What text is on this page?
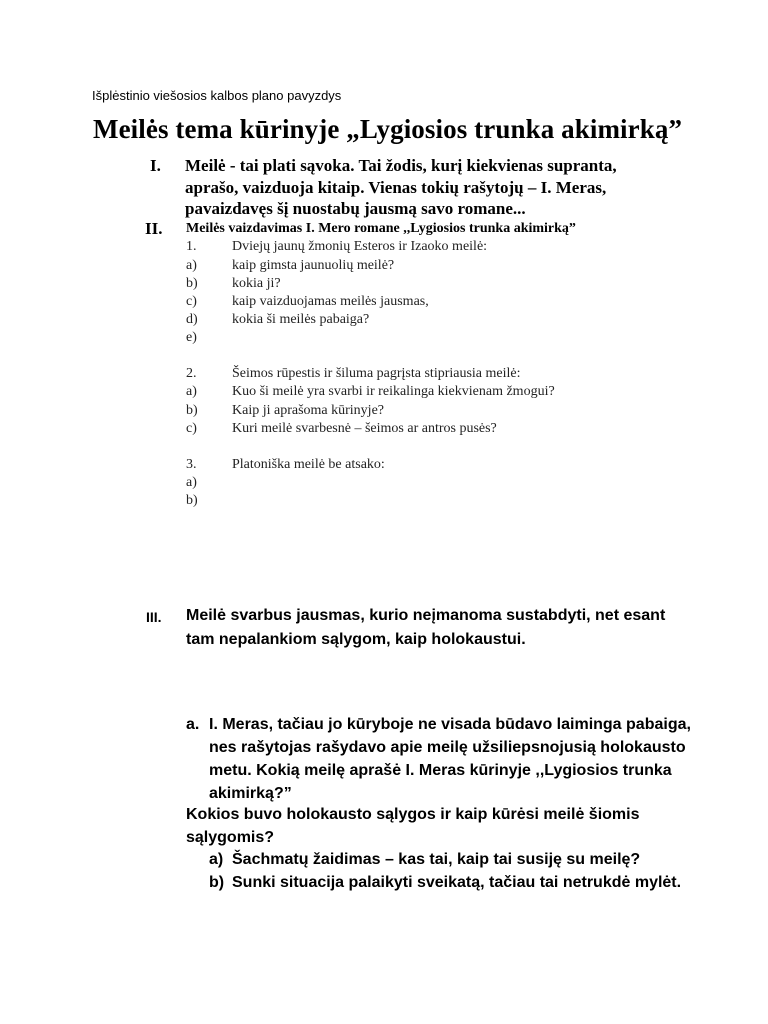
Išplėstinio viešosios kalbos plano pavyzdys
Meilės tema kūrinyje „Lygiosios trunka akimirką”
I. Meilė - tai plati sąvoka. Tai žodis, kurį kiekvienas supranta,
aprašo, vaizduoja kitaip. Vienas tokių rašytojų – I. Meras,
pavaizdavęs šį nuostabų jausmą savo romane...
II. Meilės vaizdavimas I. Mero romane ,,Lygiosios trunka akimirką”
1.	Dviejų jaunų žmonių Esteros ir Izaoko meilė:
a)	kaip gimsta jaunuolių meilė?
b) kokia ji?
c)	kaip vaizduojamas meilės jausmas,
d) kokia ši meilės pabaiga?
e)
2.	Šeimos rūpestis ir šiluma pagrįsta stipriausia meilė:
a)	Kuo ši meilė yra svarbi ir reikalinga kiekvienam žmogui?
b) Kaip ji aprašoma kūrinyje?
c)	Kuri meilė svarbesnė – šeimos ar antros pusės?
3.	Platoniška meilė be atsako:
a)
b)
III. Meilė svarbus jausmas, kurio neįmanoma sustabdyti, net esant
tam nepalankiom sąlygom, kaip holokaustui.
a. I. Meras, tačiau jo kūryboje ne visada būdavo laiminga pabaiga,
nes rašytojas rašydavo apie meilę užsiliepsnojusią holokausto
metu. Kokią meilę aprašė I. Meras kūrinyje ,,Lygiosios trunka
akimirką?”
Kokios buvo holokausto sąlygos ir kaip kūrėsi meilė šiomis
sąlygomis?
a) Šachmatų žaidimas – kas tai, kaip tai susiję su meilę?
b) Sunki situacija palaikyti sveikatą, tačiau tai netrukdė mylėt.
